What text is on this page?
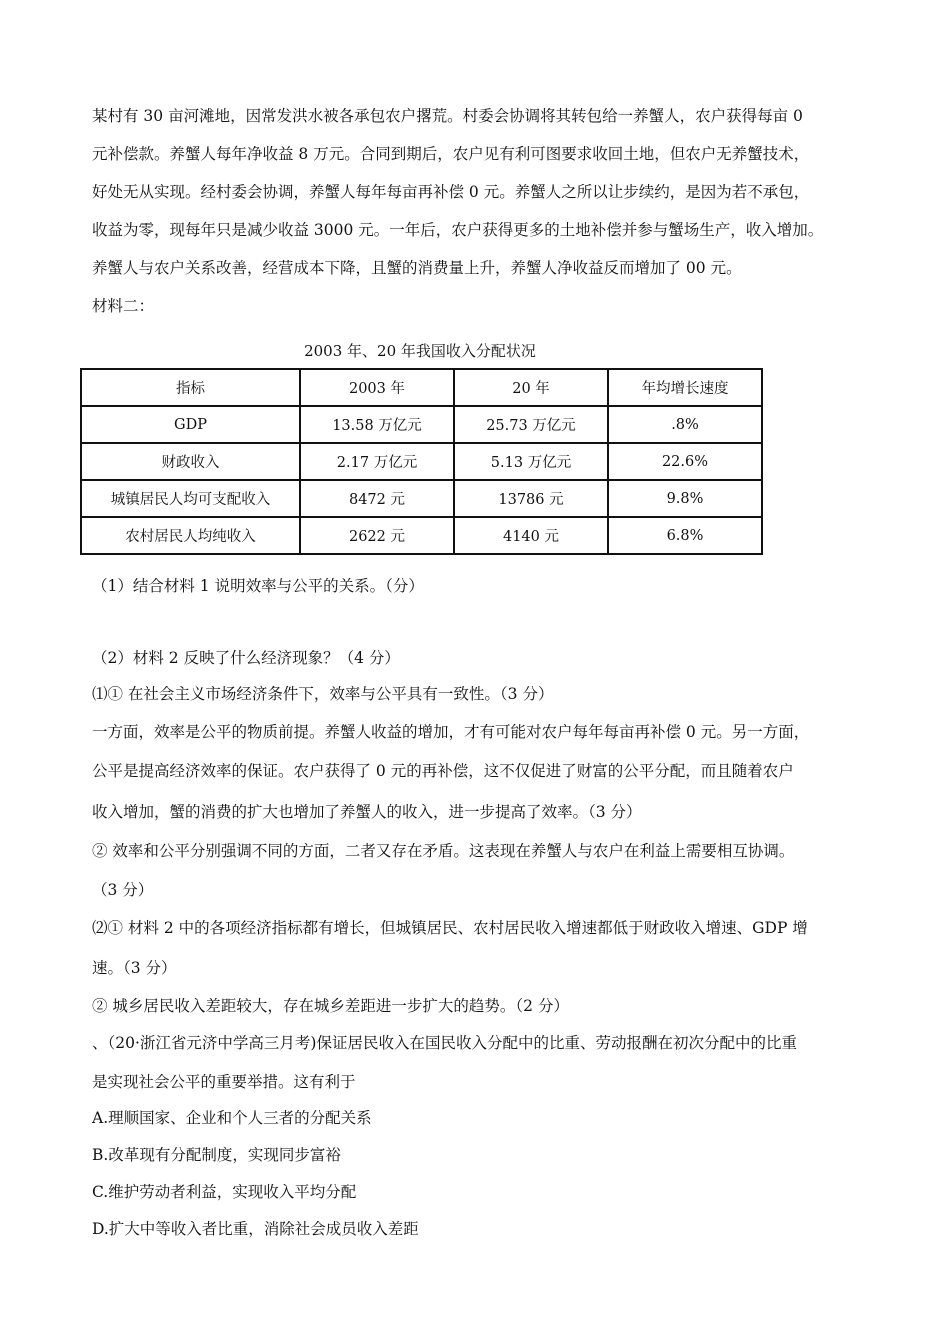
某村有 30 亩河滩地，因常发洪水被各承包农户撂荒。村委会协调将其转包给一养蟹人，农户获得每亩 0
元补偿款。养蟹人每年净收益 8 万元。合同到期后，农户见有利可图要求收回土地，但农户无养蟹技术，
好处无从实现。经村委会协调，养蟹人每年每亩再补偿 0 元。养蟹人之所以让步续约，是因为若不承包，
收益为零，现每年只是减少收益 3000 元。一年后，农户获得更多的土地补偿并参与蟹场生产，收入增加。
养蟹人与农户关系改善，经营成本下降，且蟹的消费量上升，养蟹人净收益反而增加了 00 元。
材料二：
2003 年、20 年我国收入分配状况
指标	2003 年	20 年	年均增长速度
GDP	13.58 万亿元	25.73 万亿元	.8%
财政收入	2.17 万亿元	5.13 万亿元	22.6%
城镇居民人均可支配收入	8472 元	13786 元	9.8%
农村居民人均纯收入	2622 元	4140 元	6.8%
（1）结合材料 1 说明效率与公平的关系。（分）
（2）材料 2 反映了什么经济现象？（4 分）
⑴① 在社会主义市场经济条件下，效率与公平具有一致性。（3 分）
一方面，效率是公平的物质前提。养蟹人收益的增加，才有可能对农户每年每亩再补偿 0 元。另一方面，
公平是提高经济效率的保证。农户获得了 0 元的再补偿，这不仅促进了财富的公平分配，而且随着农户
收入增加，蟹的消费的扩大也增加了养蟹人的收入，进一步提高了效率。（3 分）
② 效率和公平分别强调不同的方面，二者又存在矛盾。这表现在养蟹人与农户在利益上需要相互协调。
（3 分）
⑵① 材料 2 中的各项经济指标都有增长，但城镇居民、农村居民收入增速都低于财政收入增速、GDP 增
速。（3 分）
② 城乡居民收入差距较大，存在城乡差距进一步扩大的趋势。（2 分）
、（20·浙江省元济中学高三月考)保证居民收入在国民收入分配中的比重、劳动报酬在初次分配中的比重
是实现社会公平的重要举措。这有利于
A.理顺国家、企业和个人三者的分配关系
B.改革现有分配制度，实现同步富裕
C.维护劳动者利益，实现收入平均分配
D.扩大中等收入者比重，消除社会成员收入差距
